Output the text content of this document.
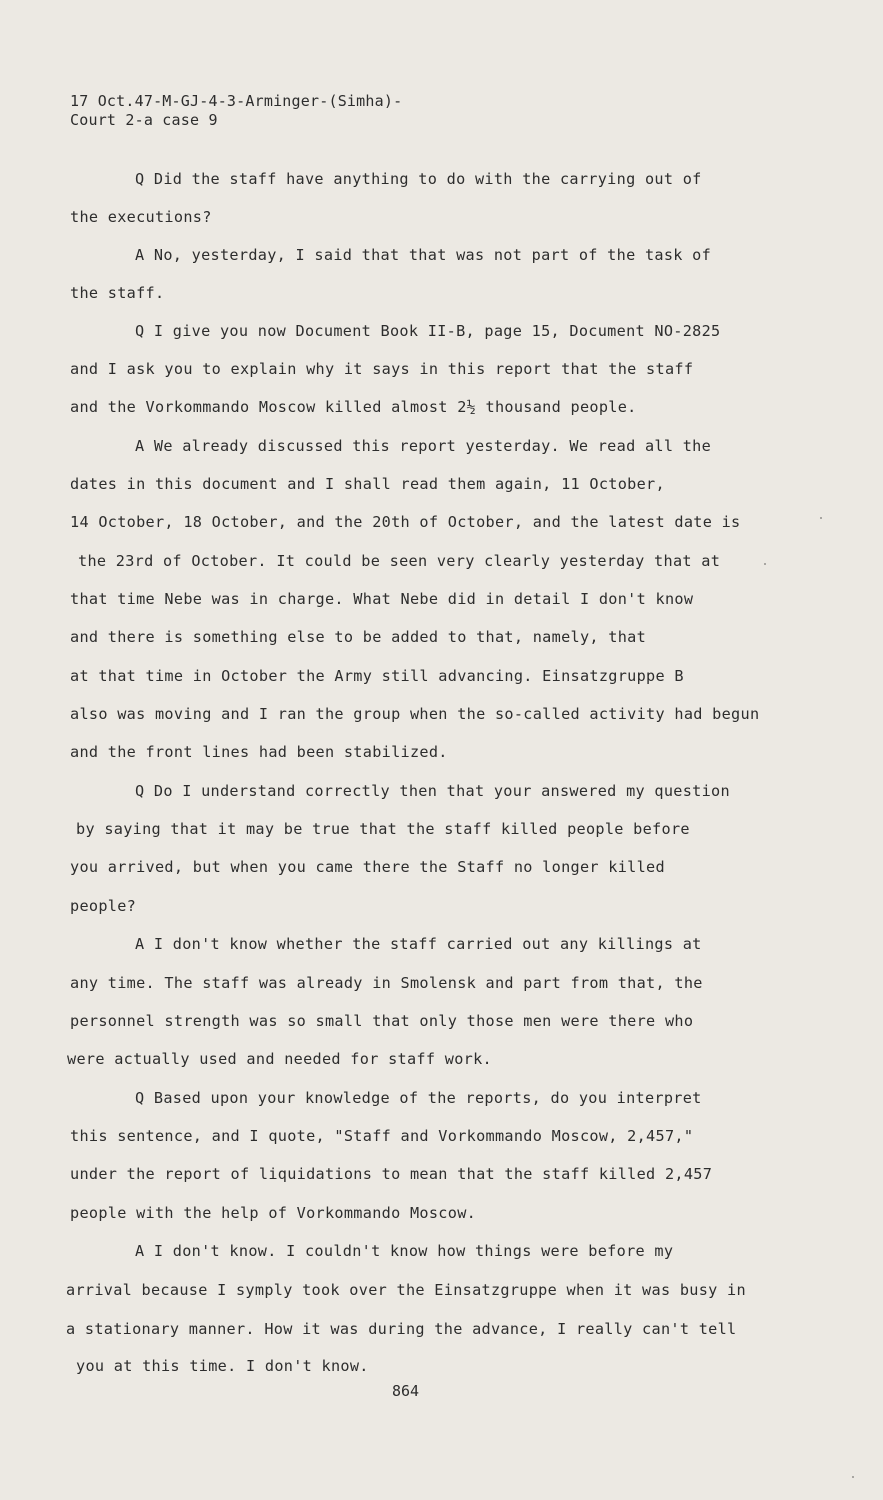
17 Oct.47-M-GJ-4-3-Arminger-(Simha)-
Court 2-a case 9
Q Did the staff have anything to do with the carrying out of
the executions?
A No, yesterday, I said that that was not part of the task of
the staff.
Q I give you now Document Book II-B, page 15, Document NO-2825
and I ask you to explain why it says in this report that the staff
and the Vorkommando Moscow killed almost 2½ thousand people.
A We already discussed this report yesterday. We read all the
dates in this document and I shall read them again, 11 October,
14 October, 18 October, and the 20th of October, and the latest date is
the 23rd of October. It could be seen very clearly yesterday that at
that time Nebe was in charge. What Nebe did in detail I don't know
and there is something else to be added to that, namely, that
at that time in October the Army still advancing. Einsatzgruppe B
also was moving and I ran the group when the so-called activity had begun
and the front lines had been stabilized.
Q Do I understand correctly then that your answered my question
by saying that it may be true that the staff killed people before
you arrived, but when you came there the Staff no longer killed
people?
A I don't know whether the staff carried out any killings at
any time. The staff was already in Smolensk and part from that, the
personnel strength was so small that only those men were there who
were actually used and needed for staff work.
Q Based upon your knowledge of the reports, do you interpret
this sentence, and I quote, "Staff and Vorkommando Moscow, 2,457,"
under the report of liquidations to mean that the staff killed 2,457
people with the help of Vorkommando Moscow.
A I don't know. I couldn't know how things were before my
arrival because I symply took over the Einsatzgruppe when it was busy in
a stationary manner. How it was during the advance, I really can't tell
you at this time. I don't know.
864
